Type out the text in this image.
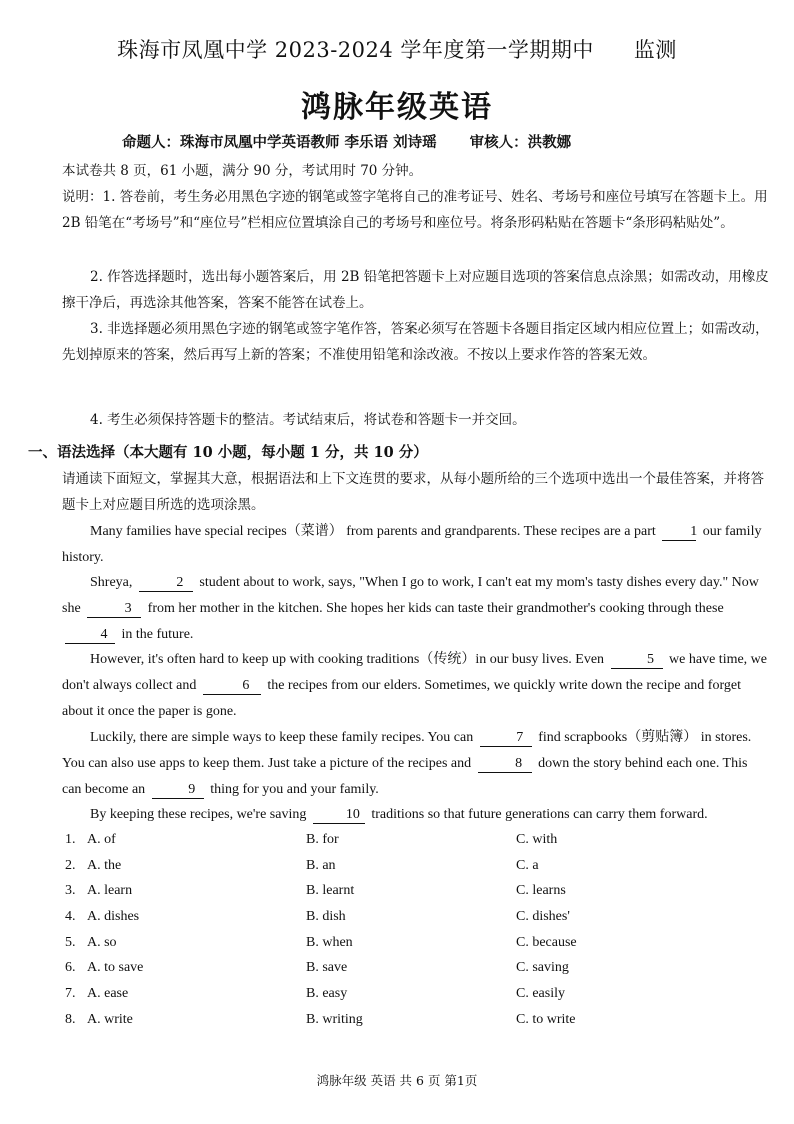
珠海市凤凰中学 2023-2024 学年度第一学期期中 监测
鸿脉年级英语
命题人：珠海市凤凰中学英语教师 李乐语 刘诗瑶 审核人：洪教娜
本试卷共 8 页，61 小题，满分 90 分，考试用时 70 分钟。
说明：1. 答卷前，考生务必用黑色字迹的钢笔或签字笔将自己的准考证号、姓名、考场号和座位号填写在答题卡上。用 2B 铅笔在“考场号”和“座位号”栏相应位置填涂自己的考场号和座位号。将条形码粘贴在答题卡“条形码粘贴处”。
2. 作答选择题时，选出每小题答案后，用 2B 铅笔把答题卡上对应题目选项的答案信息点涂黑；如需改动，用橡皮擦干净后，再选涂其他答案，答案不能答在试卷上。
3. 非选择题必须用黑色字迹的钢笔或签字笔作答，答案必须写在答题卡各题目指定区域内相应位置上；如需改动，先划掉原来的答案，然后再写上新的答案；不准使用铅笔和涂改液。不按以上要求作答的答案无效。
4. 考生必须保持答题卡的整洁。考试结束后，将试卷和答题卡一并交回。
一、语法选择（本大题有 10 小题，每小题 1 分，共 10 分）
请通读下面短文，掌握其大意，根据语法和上下文连贯的要求，从每小题所给的三个选项中选出一个最佳答案，并将答题卡上对应题目所选的选项涂黑。
Many families have special recipes（菜谱） from parents and grandparents. These recipes are a part 1 our family history.
Shreya,	2 student about to work, says, "When I go to work, I can't eat my mom's tasty dishes every day." Now she	3 from her mother in the kitchen. She hopes her kids can taste their grandmother's cooking through these 4 in the future.
However, it's often hard to keep up with cooking traditions（传统）in our busy lives. Even	5 we have time, we don't always collect and	6 the recipes from our elders. Sometimes, we quickly write down the recipe and forget about it once the paper is gone.
Luckily, there are simple ways to keep these family recipes. You can	7 find scrapbooks（剪贴簿） in stores. You can also use apps to keep them. Just take a picture of the recipes and	8 down the story behind each one. This can become an	9 thing for you and your family.
By keeping these recipes, we're saving	10 traditions so that future generations can carry them forward.
1. A. of	B. for	C. with
2. A. the	B. an	C. a
3. A. learn	B. learnt	C. learns
4. A. dishes	B. dish	C. dishes'
5. A. so	B. when	C. because
6. A. to save	B. save	C. saving
7. A. ease	B. easy	C. easily
8. A. write	B. writing	C. to write
鸿脉年级 英语 共 6 页 第1页
